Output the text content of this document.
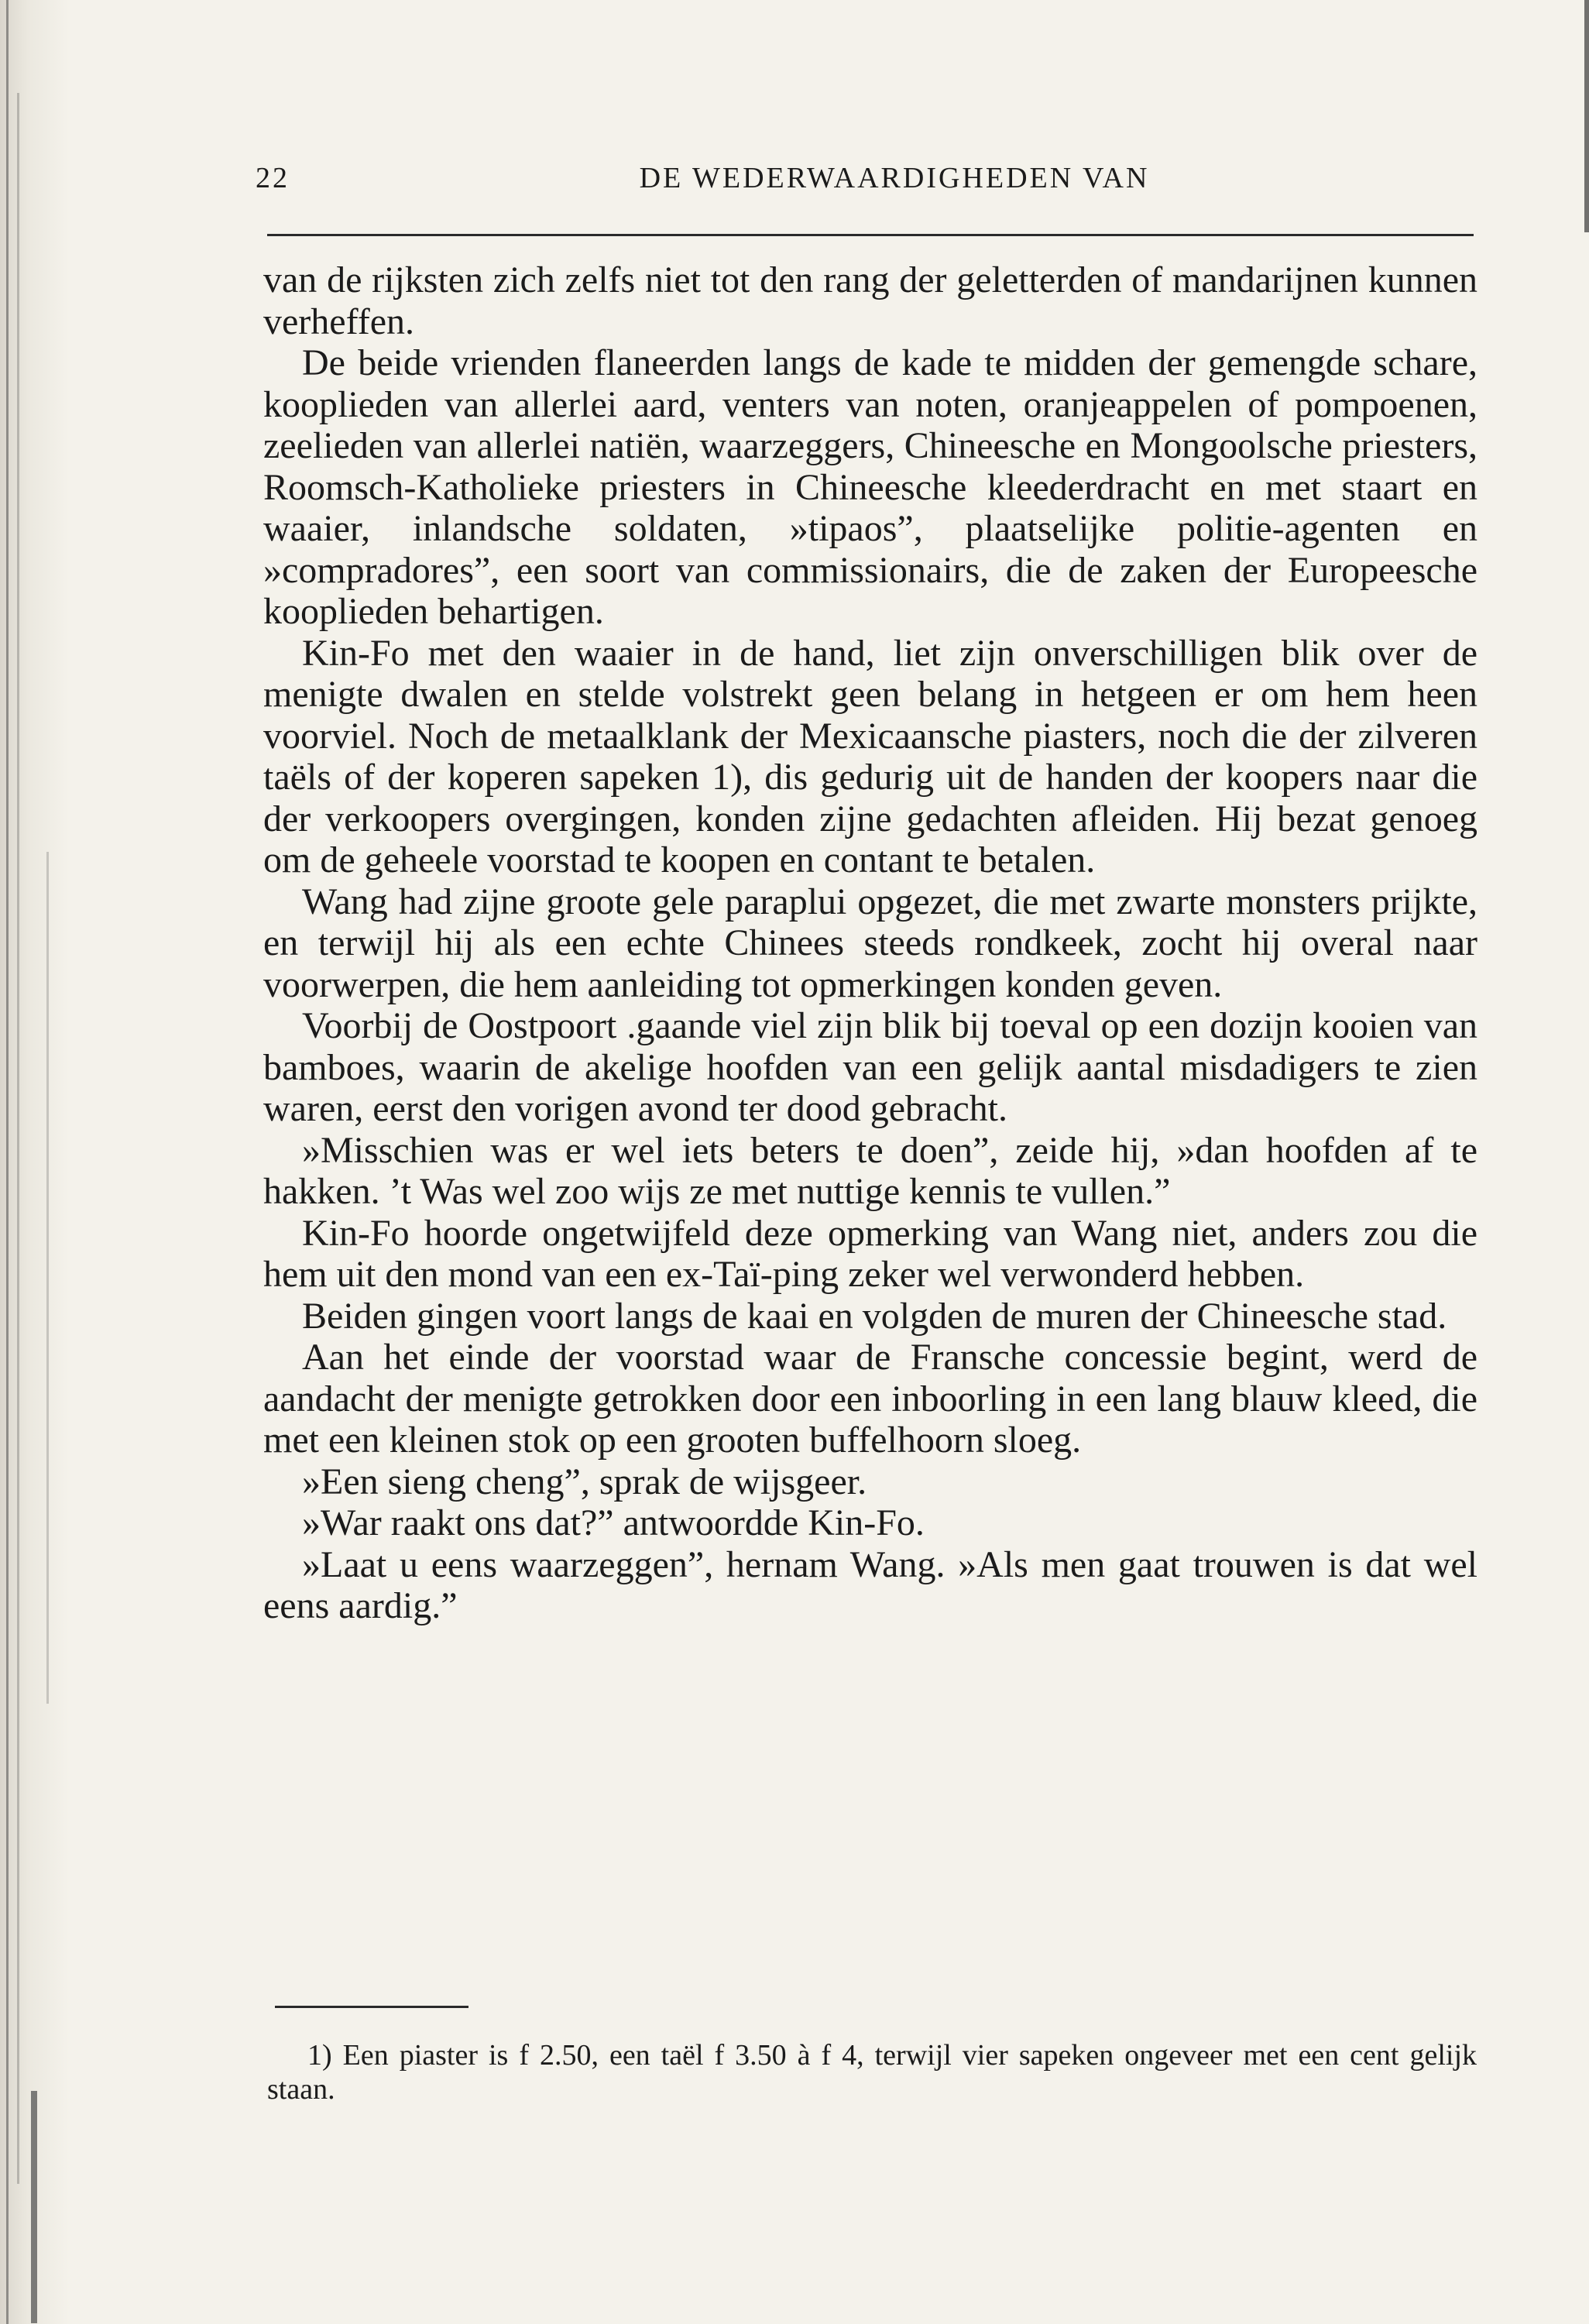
22	DE WEDERWAARDIGHEDEN VAN

van de rijksten zich zelfs niet tot den rang der geletterden of mandarijnen kunnen verheffen.

De beide vrienden flaneerden langs de kade te midden der gemengde schare, kooplieden van allerlei aard, venters van noten, oranjeappelen of pompoenen, zeelieden van allerlei natiën, waarzeggers, Chineesche en Mongoolsche priesters, Roomsch-Katholieke priesters in Chineesche kleederdracht en met staart en waaier, inlandsche soldaten, »tipaos”, plaatselijke politie-agenten en »compradores”, een soort van commissionairs, die de zaken der Europeesche kooplieden behartigen.

Kin-Fo met den waaier in de hand, liet zijn onverschilligen blik over de menigte dwalen en stelde volstrekt geen belang in hetgeen er om hem heen voorviel. Noch de metaalklank der Mexicaansche piasters, noch die der zilveren taëls of der koperen sapeken 1), dis gedurig uit de handen der koopers naar die der verkoopers overgingen, konden zijne gedachten afleiden. Hij bezat genoeg om de geheele voorstad te koopen en contant te betalen.

Wang had zijne groote gele paraplui opgezet, die met zwarte monsters prijkte, en terwijl hij als een echte Chinees steeds rondkeek, zocht hij overal naar voorwerpen, die hem aanleiding tot opmerkingen konden geven.

Voorbij de Oostpoort .gaande viel zijn blik bij toeval op een dozijn kooien van bamboes, waarin de akelige hoofden van een gelijk aantal misdadigers te zien waren, eerst den vorigen avond ter dood gebracht.

»Misschien was er wel iets beters te doen”, zeide hij, »dan hoofden af te hakken. ’t Was wel zoo wijs ze met nuttige kennis te vullen.”

Kin-Fo hoorde ongetwijfeld deze opmerking van Wang niet, anders zou die hem uit den mond van een ex-Taï-ping zeker wel verwonderd hebben.

Beiden gingen voort langs de kaai en volgden de muren der Chineesche stad.

Aan het einde der voorstad waar de Fransche concessie begint, werd de aandacht der menigte getrokken door een inboorling in een lang blauw kleed, die met een kleinen stok op een grooten buffelhoorn sloeg.

»Een sieng cheng”, sprak de wijsgeer.

»War raakt ons dat?” antwoordde Kin-Fo.

»Laat u eens waarzeggen”, hernam Wang. »Als men gaat trouwen is dat wel eens aardig.”

1) Een piaster is f 2.50, een taël f 3.50 à f 4, terwijl vier sapeken ongeveer met een cent gelijk staan.
